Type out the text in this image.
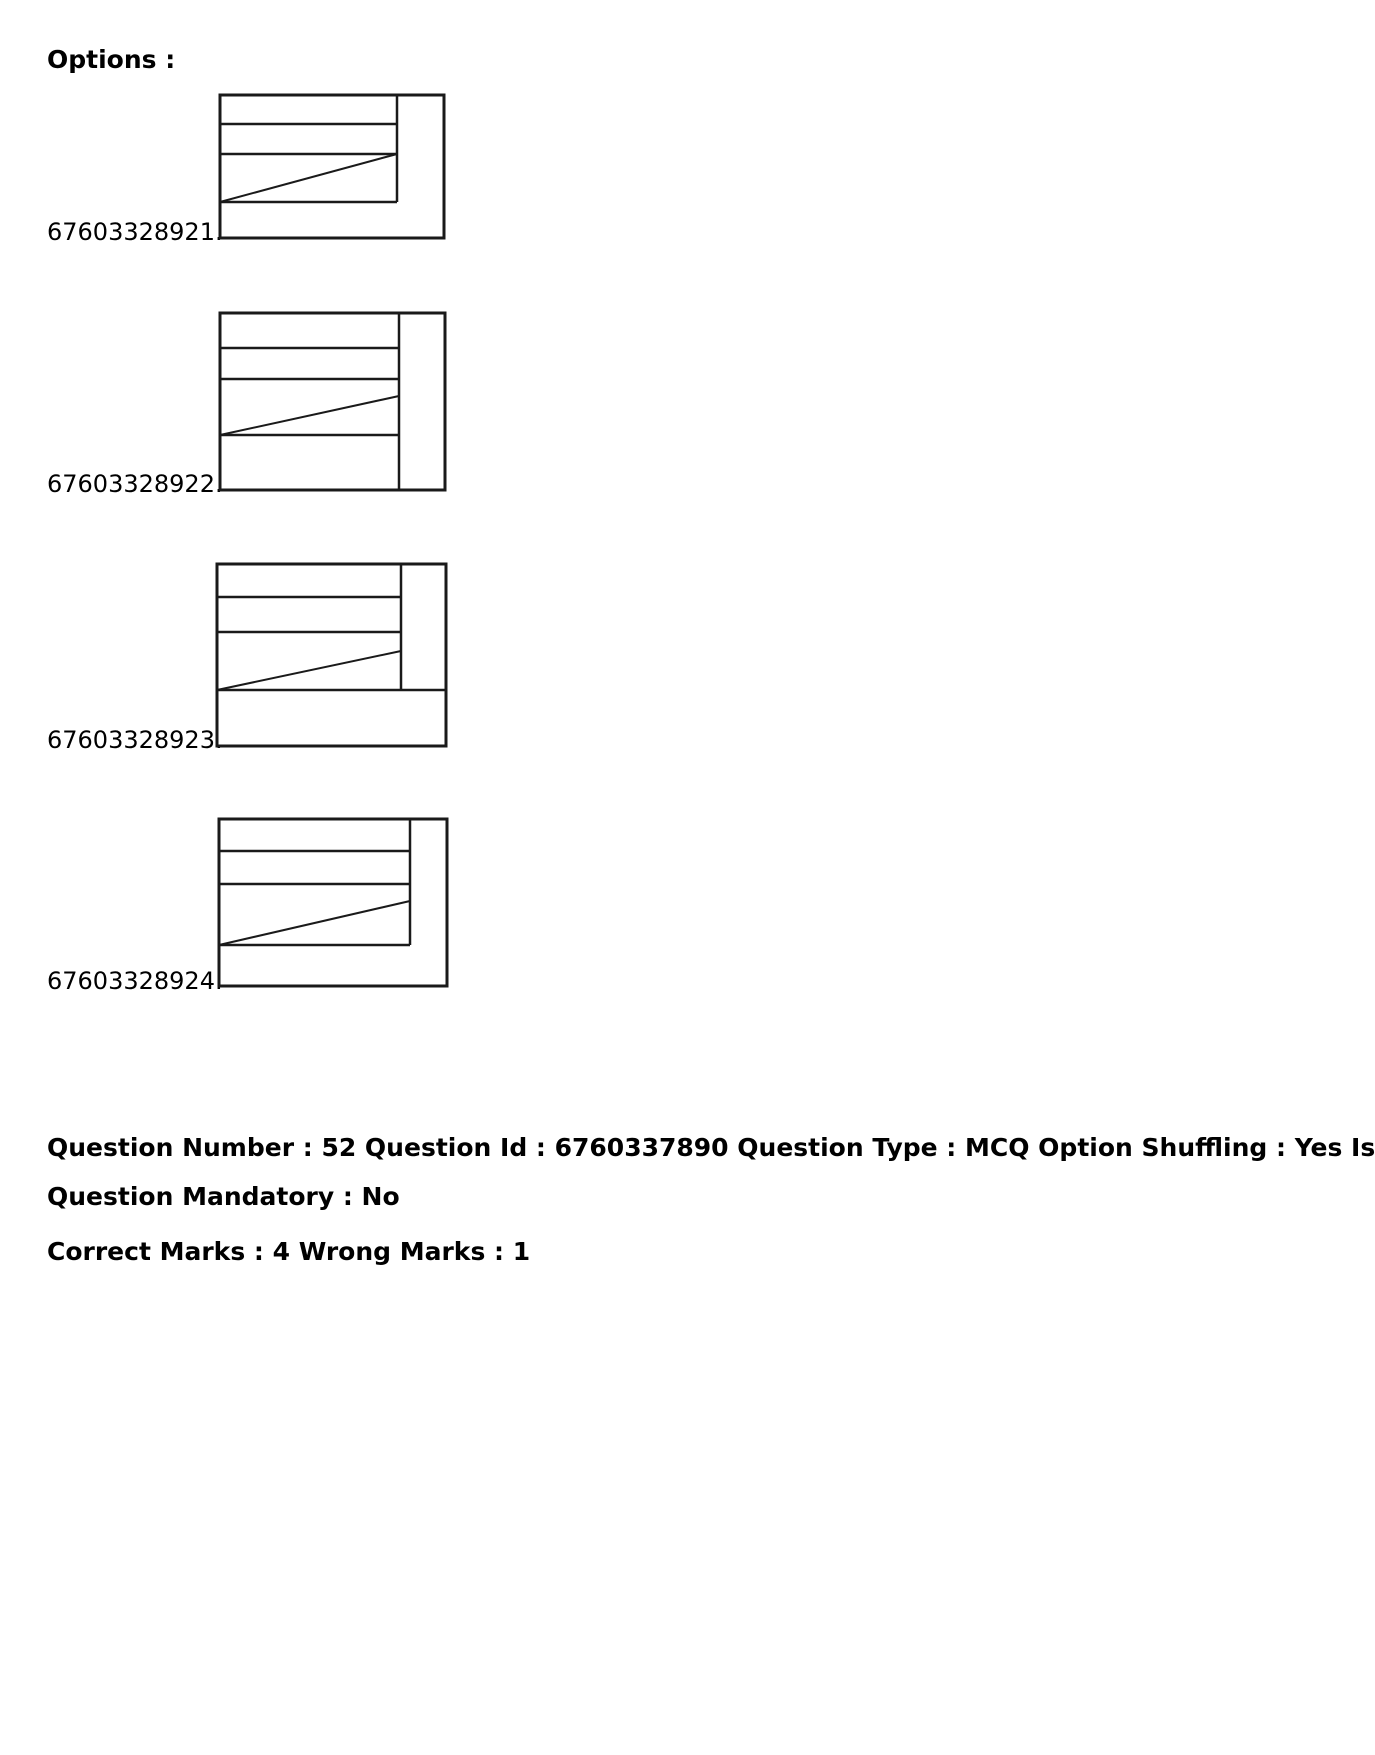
Options :
67603328921.
67603328922.
67603328923.
67603328924.
Question Number : 52 Question Id : 6760337890 Question Type : MCQ Option Shuffling : Yes Is
Question Mandatory : No
Correct Marks : 4 Wrong Marks : 1
